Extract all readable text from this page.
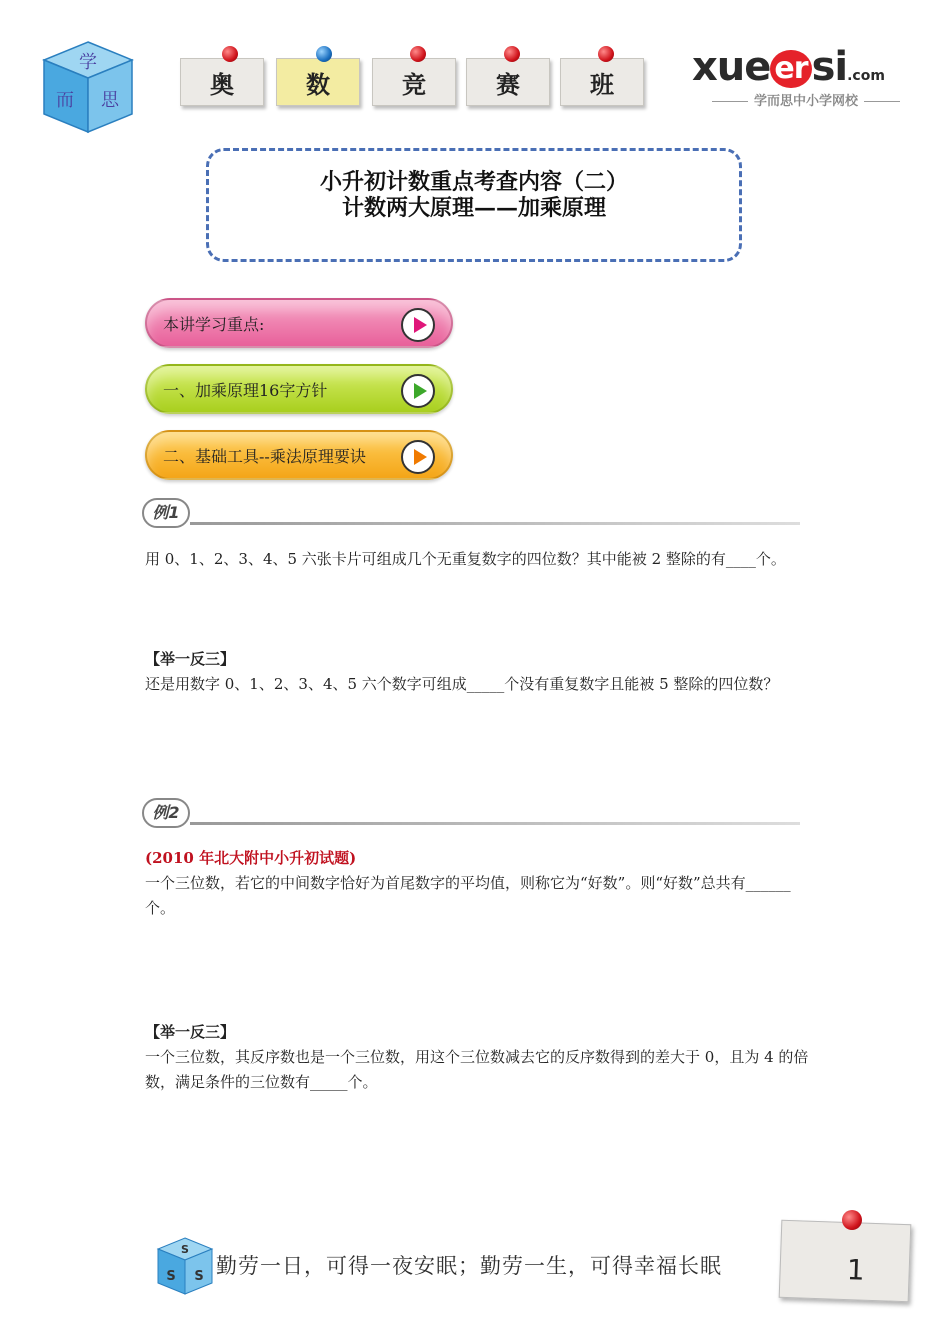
学
而 思
奥	数	竞	赛	班 xue er si.com
学而思中小学网校
小升初计数重点考查内容（二）
计数两大原理——加乘原理
本讲学习重点:
一、加乘原理16字方针
二、基础工具--乘法原理要诀
例1
用 0、1、2、3、4、5 六张卡片可组成几个无重复数字的四位数？其中能被 2 整除的有____个。
【举一反三】
还是用数字 0、1、2、3、4、5 六个数字可组成_____个没有重复数字且能被 5 整除的四位数？
例2
(2010 年北大附中小升初试题)
一个三位数，若它的中间数字恰好为首尾数字的平均值，则称它为“好数”。则“好数”总共有______个。
【举一反三】
一个三位数，其反序数也是一个三位数，用这个三位数减去它的反序数得到的差大于 0，且为 4 的倍数，满足条件的三位数有_____个。
S
S S 勤劳一日，可得一夜安眠；勤劳一生，可得幸福长眠	1
